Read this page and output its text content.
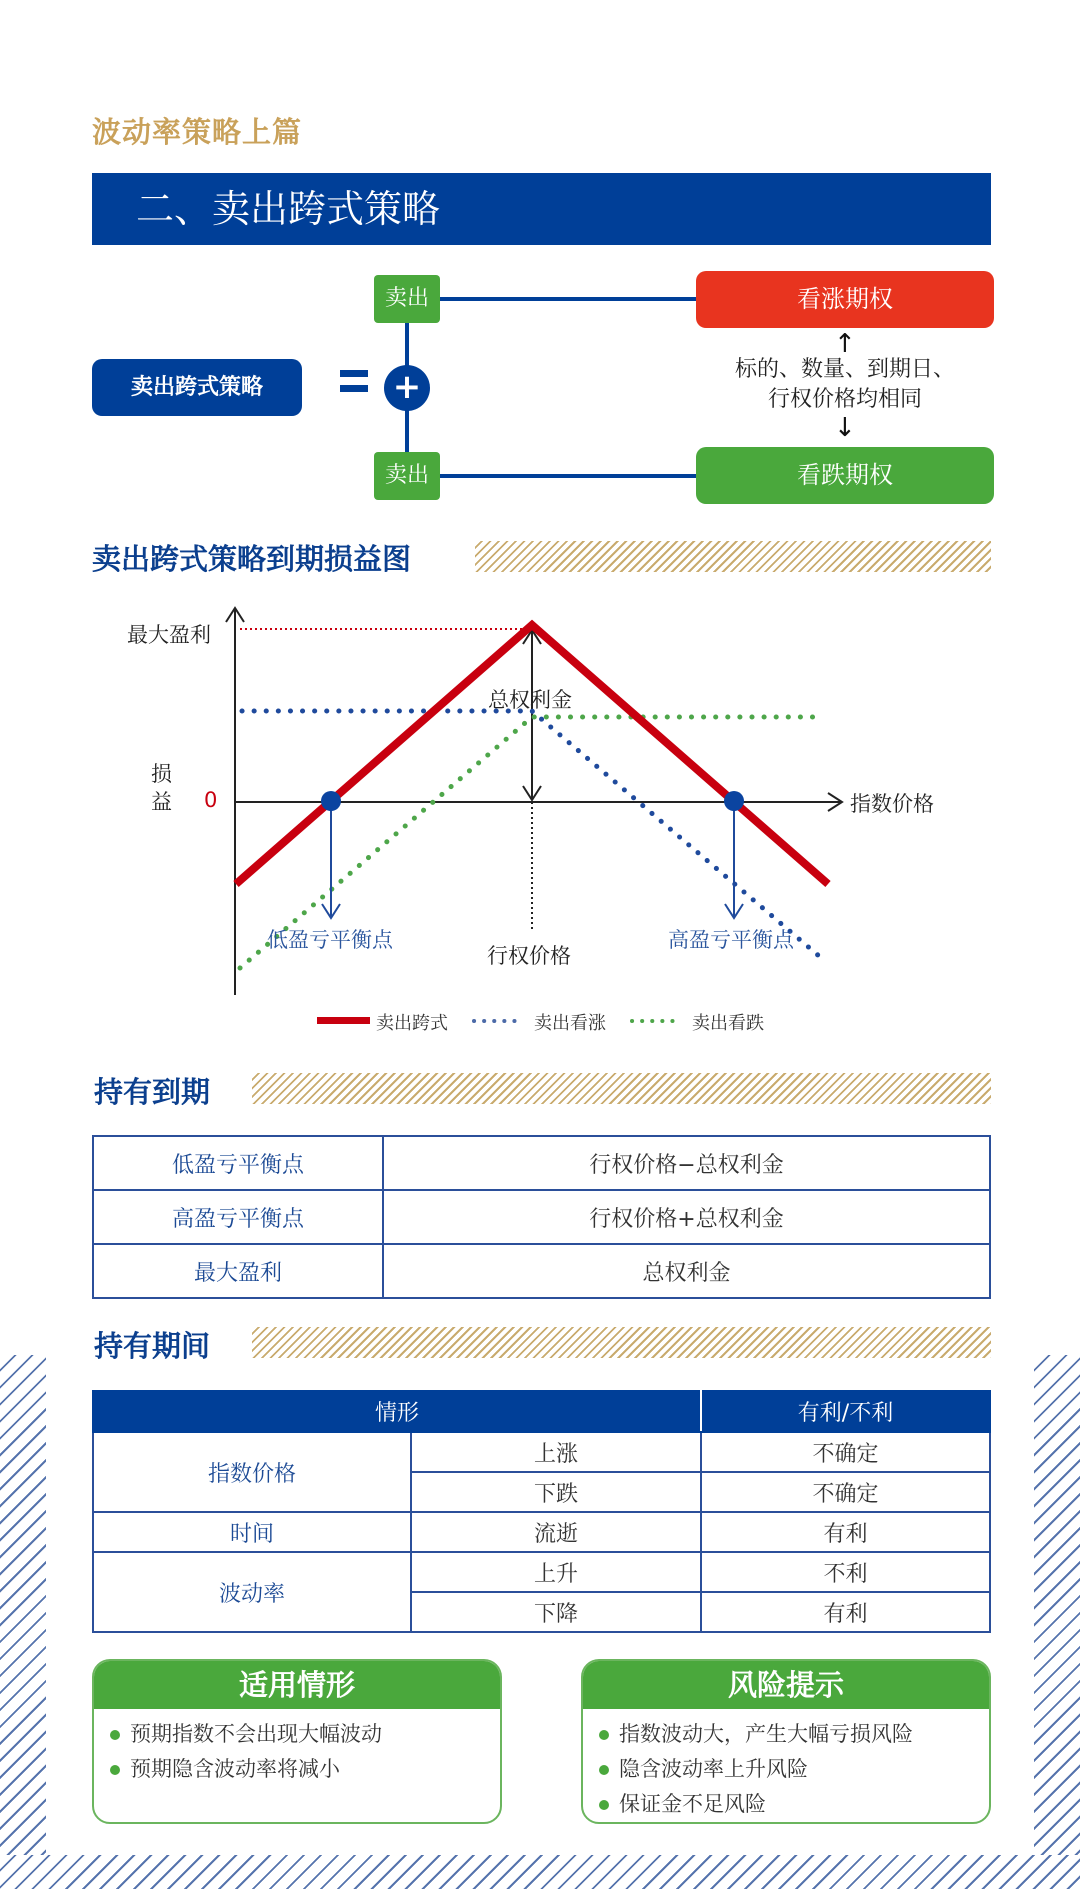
波动率策略上篇
二、卖出跨式策略
卖出跨式策略	+
卖出
卖出
看涨期权
看跌期权
↑
标的、数量、到期日、
行权价格均相同
↓
卖出跨式策略到期损益图
最大盈利
总权利金
损益 0	指数价格
低盈亏平衡点
行权价格
高盈亏平衡点
卖出跨式	卖出看涨	卖出看跌
持有到期
低盈亏平衡点	行权价格−总权利金
高盈亏平衡点	行权价格+总权利金
最大盈利	总权利金
持有期间
情形		有利/不利
指数价格	上涨	不确定
	下跌	不确定
时间	流逝	有利
波动率	上升	不利
	下降	有利
适用情形
预期指数不会出现大幅波动
预期隐含波动率将减小
风险提示
指数波动大，产生大幅亏损风险
隐含波动率上升风险
保证金不足风险
